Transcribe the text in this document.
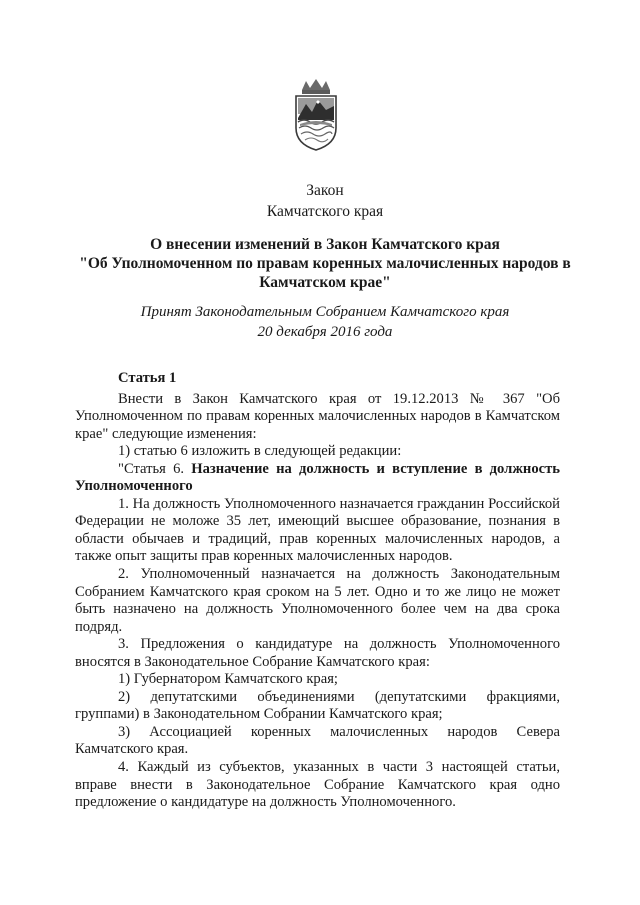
Закон
Камчатского края
О внесении изменений в Закон Камчатского края
"Об Уполномоченном по правам коренных малочисленных народов в Камчатском крае"
Принят Законодательным Собранием Камчатского края
20 декабря 2016 года

Статья 1

Внести в Закон Камчатского края от 19.12.2013 № 367 "Об Уполномоченном по правам коренных малочисленных народов в Камчатском крае" следующие изменения:

1) статью 6 изложить в следующей редакции:

"Статья 6. Назначение на должность и вступление в должность Уполномоченного

1. На должность Уполномоченного назначается гражданин Российской Федерации не моложе 35 лет, имеющий высшее образование, познания в области обычаев и традиций, прав коренных малочисленных народов, а также опыт защиты прав коренных малочисленных народов.

2. Уполномоченный назначается на должность Законодательным Собранием Камчатского края сроком на 5 лет. Одно и то же лицо не может быть назначено на должность Уполномоченного более чем на два срока подряд.

3. Предложения о кандидатуре на должность Уполномоченного вносятся в Законодательное Собрание Камчатского края:

1) Губернатором Камчатского края;

2) депутатскими объединениями (депутатскими фракциями, группами) в Законодательном Собрании Камчатского края;

3) Ассоциацией коренных малочисленных народов Севера Камчатского края.

4. Каждый из субъектов, указанных в части 3 настоящей статьи, вправе внести в Законодательное Собрание Камчатского края одно предложение о кандидатуре на должность Уполномоченного.
